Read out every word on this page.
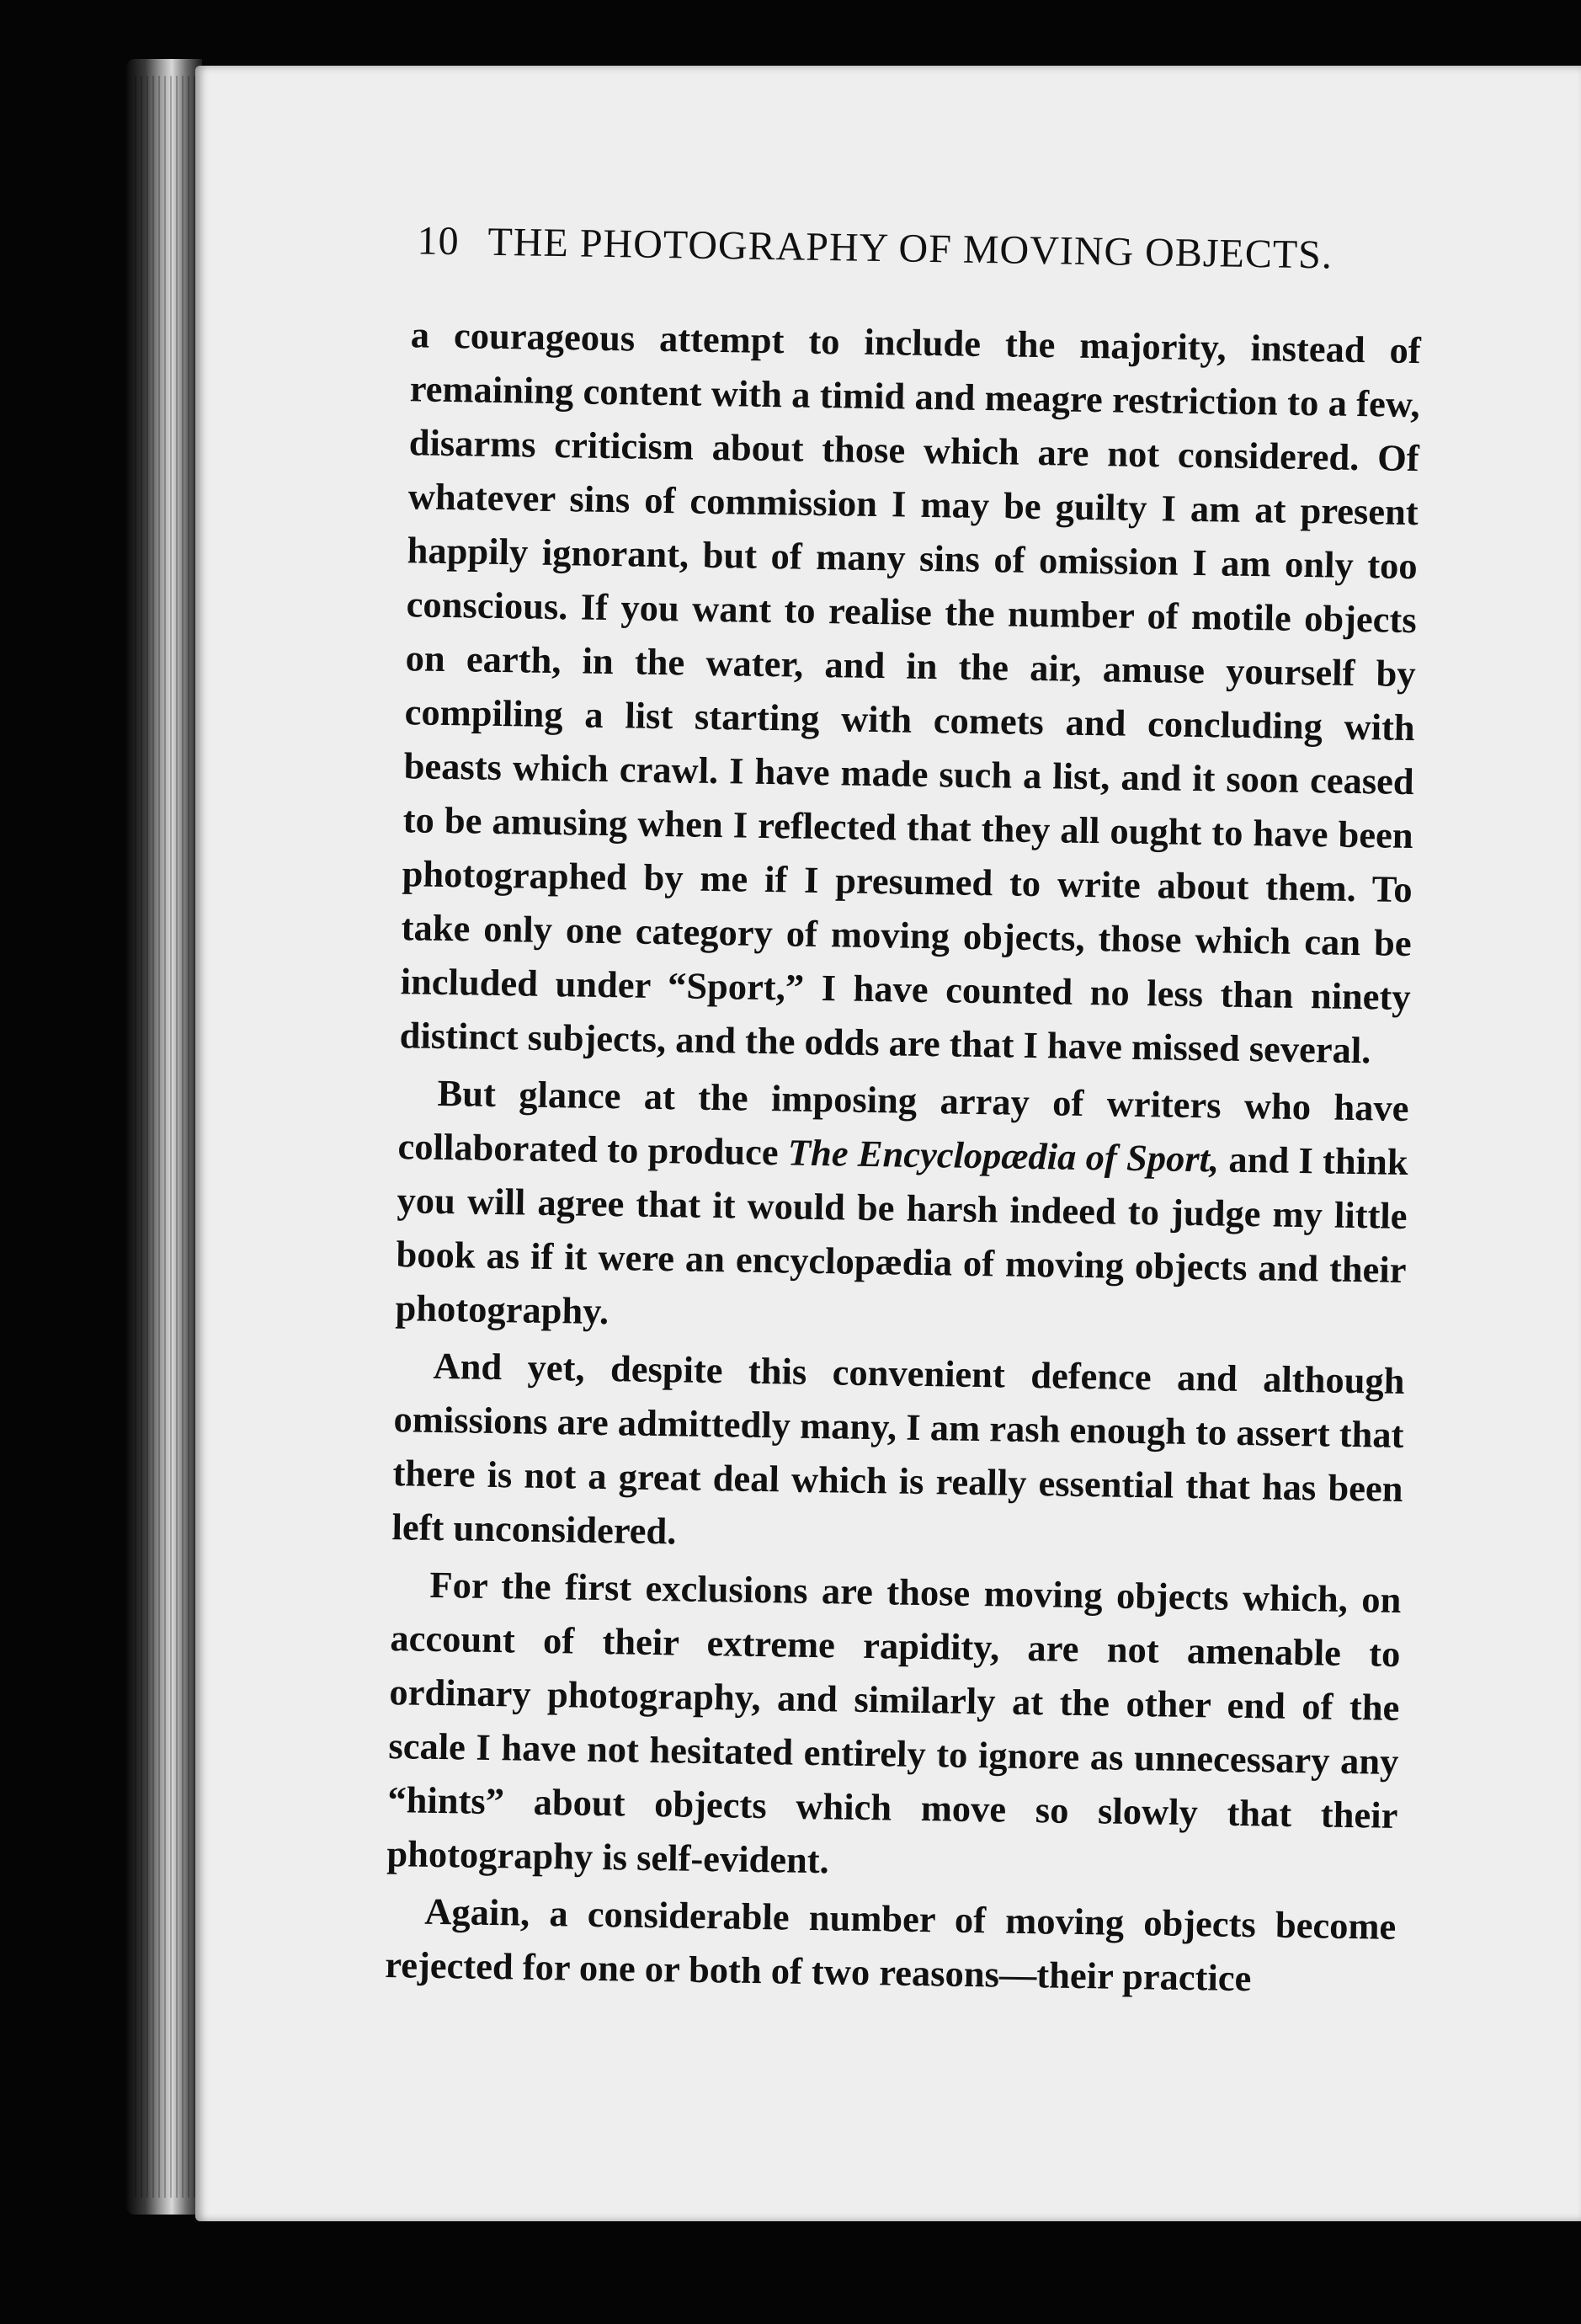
10 THE PHOTOGRAPHY OF MOVING OBJECTS.

a courageous attempt to include the majority, instead of remaining content with a timid and meagre restriction to a few, disarms criticism about those which are not considered. Of whatever sins of commission I may be guilty I am at present happily ignorant, but of many sins of omission I am only too conscious. If you want to realise the number of motile objects on earth, in the water, and in the air, amuse yourself by compiling a list starting with comets and concluding with beasts which crawl. I have made such a list, and it soon ceased to be amusing when I reflected that they all ought to have been photographed by me if I presumed to write about them. To take only one category of moving objects, those which can be included under “Sport,” I have counted no less than ninety distinct subjects, and the odds are that I have missed several.

But glance at the imposing array of writers who have collaborated to produce The Encyclopædia of Sport, and I think you will agree that it would be harsh indeed to judge my little book as if it were an encyclopædia of moving objects and their photography.

And yet, despite this convenient defence and although omissions are admittedly many, I am rash enough to assert that there is not a great deal which is really essential that has been left unconsidered.

For the first exclusions are those moving objects which, on account of their extreme rapidity, are not amenable to ordinary photography, and similarly at the other end of the scale I have not hesitated entirely to ignore as unnecessary any “hints” about objects which move so slowly that their photography is self-evident.

Again, a considerable number of moving objects become rejected for one or both of two reasons—their practice
